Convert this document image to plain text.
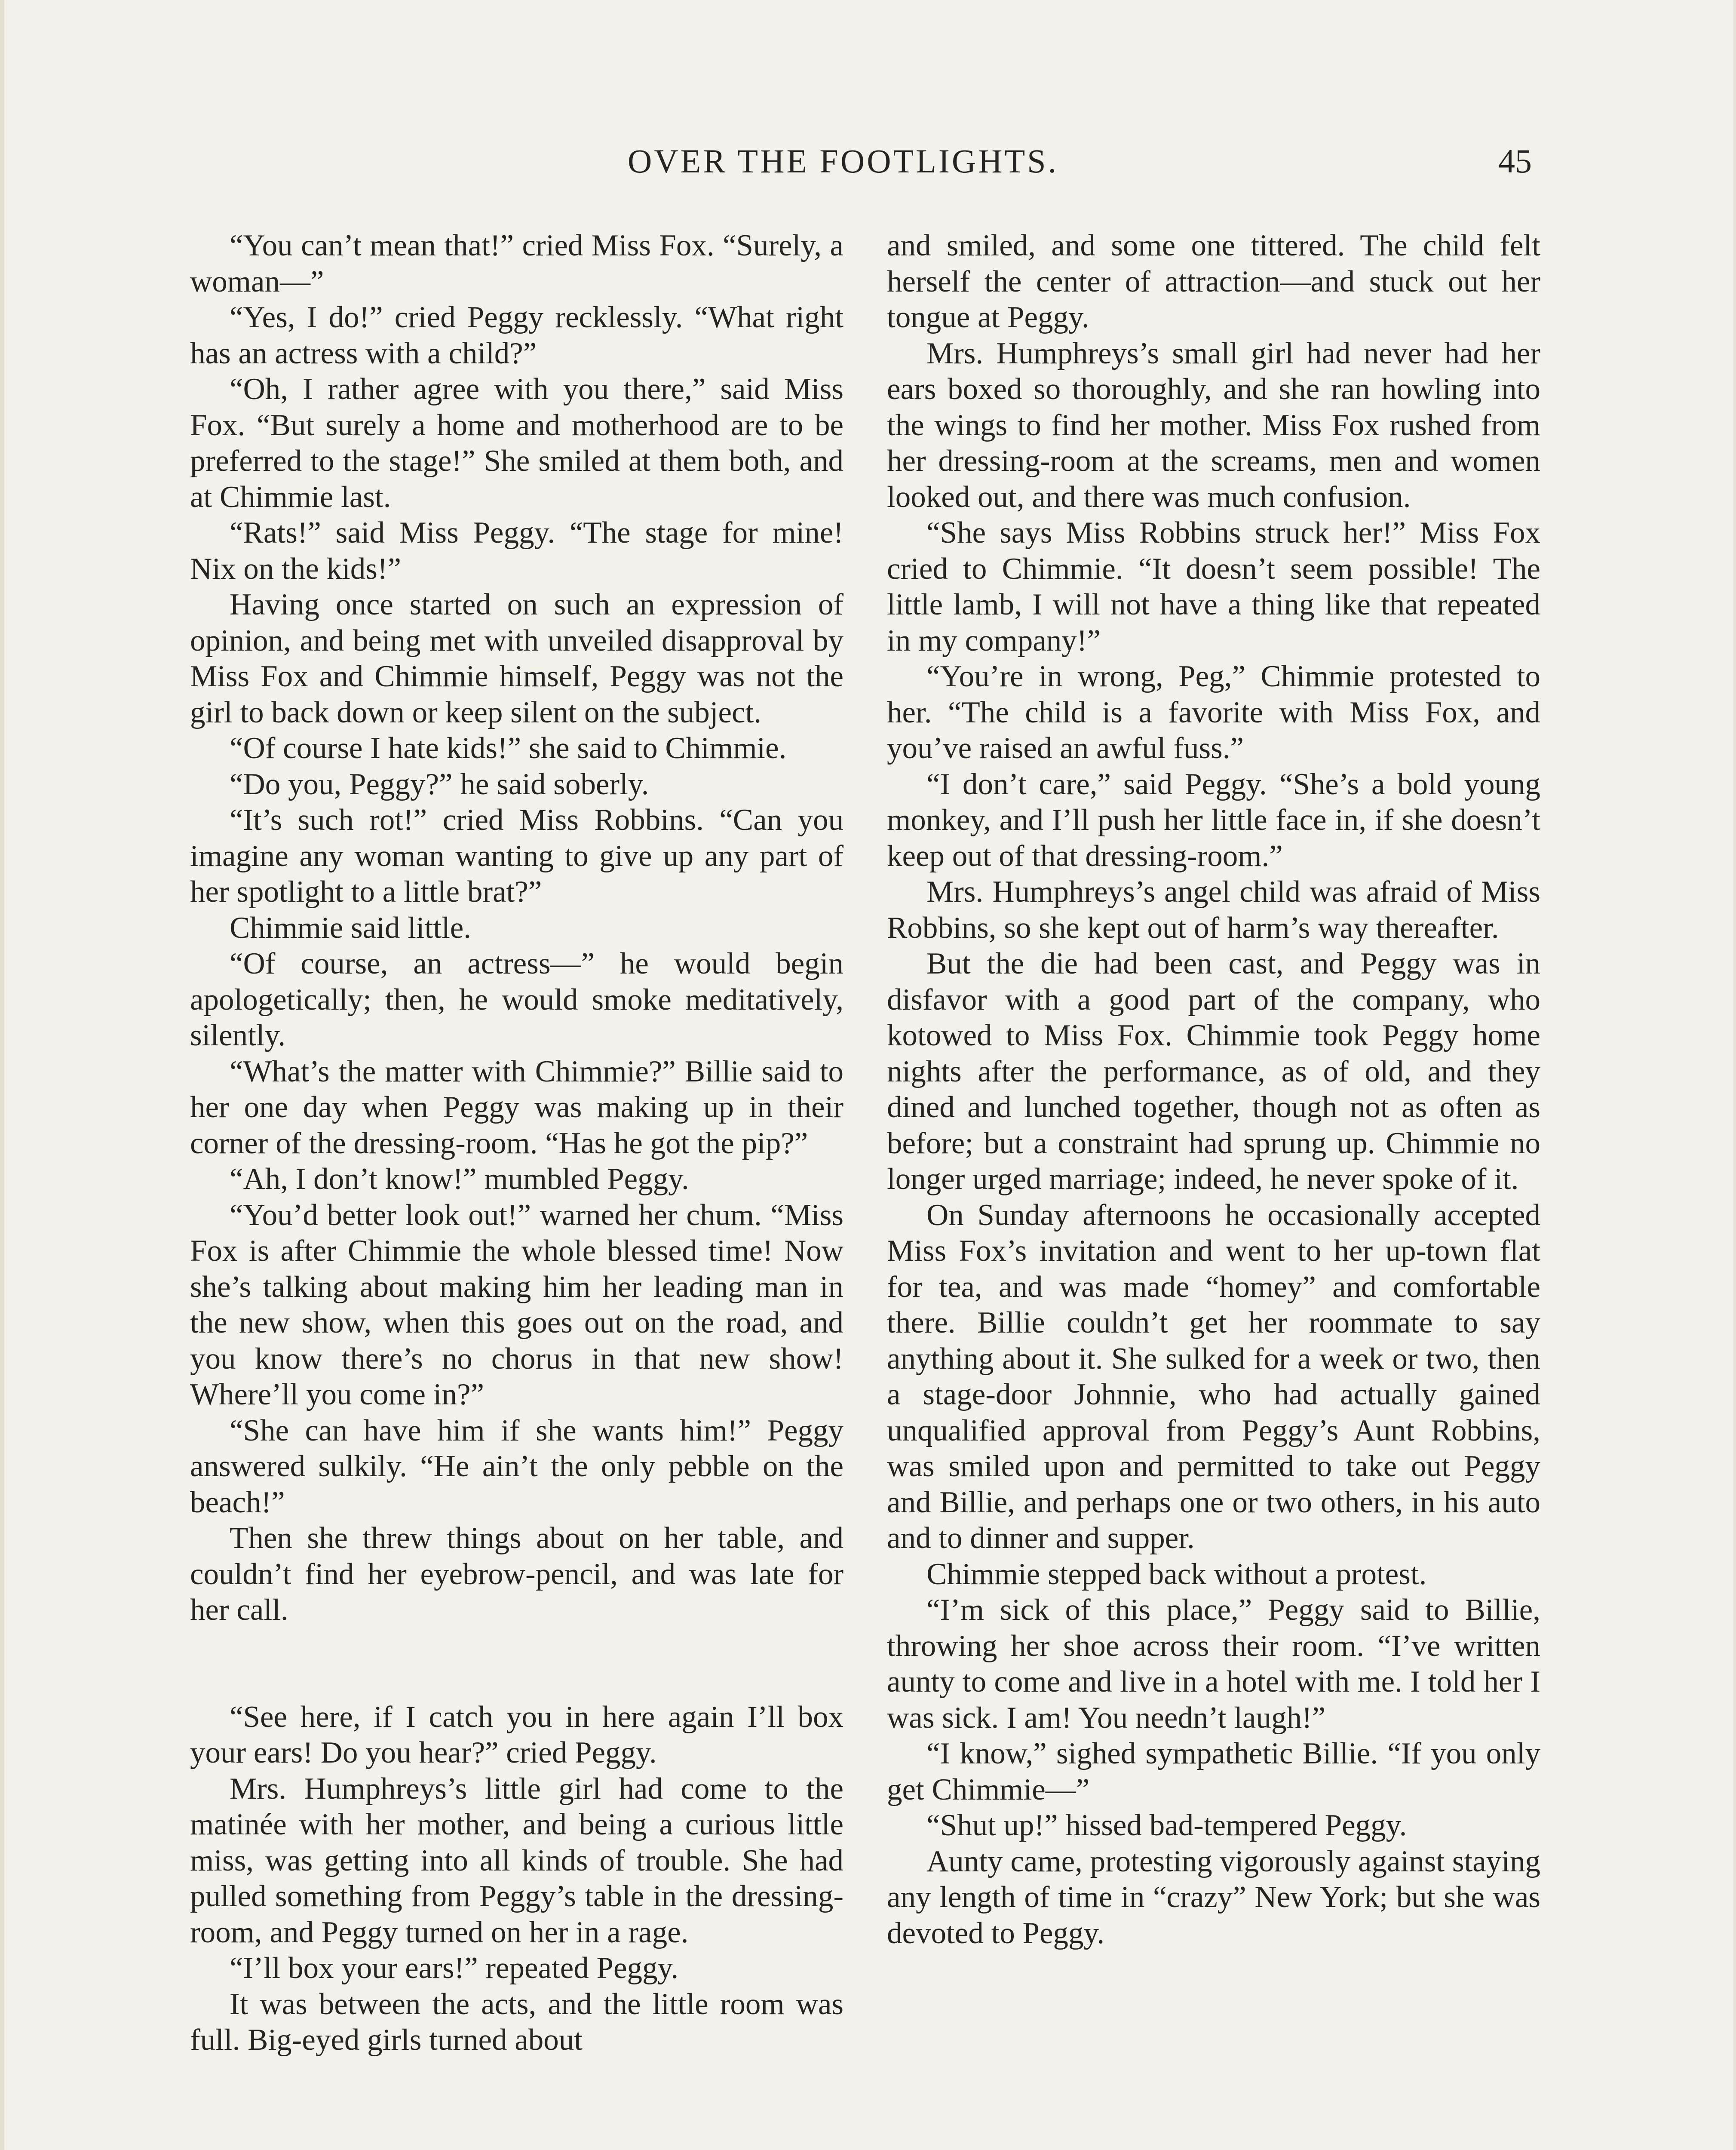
OVER THE FOOTLIGHTS.	45

“You can’t mean that!” cried Miss Fox. “Surely, a woman—”

“Yes, I do!” cried Peggy recklessly. “What right has an actress with a child?”

“Oh, I rather agree with you there,” said Miss Fox. “But surely a home and motherhood are to be preferred to the stage!” She smiled at them both, and at Chimmie last.

“Rats!” said Miss Peggy. “The stage for mine! Nix on the kids!”

Having once started on such an expression of opinion, and being met with unveiled disapproval by Miss Fox and Chimmie himself, Peggy was not the girl to back down or keep silent on the subject.

“Of course I hate kids!” she said to Chimmie.

“Do you, Peggy?” he said soberly.

“It’s such rot!” cried Miss Robbins. “Can you imagine any woman wanting to give up any part of her spotlight to a little brat?”

Chimmie said little.

“Of course, an actress—” he would begin apologetically; then, he would smoke meditatively, silently.

“What’s the matter with Chimmie?” Billie said to her one day when Peggy was making up in their corner of the dressing-room. “Has he got the pip?”

“Ah, I don’t know!” mumbled Peggy.

“You’d better look out!” warned her chum. “Miss Fox is after Chimmie the whole blessed time! Now she’s talking about making him her leading man in the new show, when this goes out on the road, and you know there’s no chorus in that new show! Where’ll you come in?”

“She can have him if she wants him!” Peggy answered sulkily. “He ain’t the only pebble on the beach!”

Then she threw things about on her table, and couldn’t find her eyebrow-pencil, and was late for her call.

“See here, if I catch you in here again I’ll box your ears! Do you hear?” cried Peggy.

Mrs. Humphreys’s little girl had come to the matinée with her mother, and being a curious little miss, was getting into all kinds of trouble. She had pulled something from Peggy’s table in the dressing-room, and Peggy turned on her in a rage.

“I’ll box your ears!” repeated Peggy.

It was between the acts, and the little room was full. Big-eyed girls turned about

and smiled, and some one tittered. The child felt herself the center of attraction—and stuck out her tongue at Peggy.

Mrs. Humphreys’s small girl had never had her ears boxed so thoroughly, and she ran howling into the wings to find her mother. Miss Fox rushed from her dressing-room at the screams, men and women looked out, and there was much confusion.

“She says Miss Robbins struck her!” Miss Fox cried to Chimmie. “It doesn’t seem possible! The little lamb, I will not have a thing like that repeated in my company!”

“You’re in wrong, Peg,” Chimmie protested to her. “The child is a favorite with Miss Fox, and you’ve raised an awful fuss.”

“I don’t care,” said Peggy. “She’s a bold young monkey, and I’ll push her little face in, if she doesn’t keep out of that dressing-room.”

Mrs. Humphreys’s angel child was afraid of Miss Robbins, so she kept out of harm’s way thereafter.

But the die had been cast, and Peggy was in disfavor with a good part of the company, who kotowed to Miss Fox. Chimmie took Peggy home nights after the performance, as of old, and they dined and lunched together, though not as often as before; but a constraint had sprung up. Chimmie no longer urged marriage; indeed, he never spoke of it.

On Sunday afternoons he occasionally accepted Miss Fox’s invitation and went to her up-town flat for tea, and was made “homey” and comfortable there. Billie couldn’t get her roommate to say anything about it. She sulked for a week or two, then a stage-door Johnnie, who had actually gained unqualified approval from Peggy’s Aunt Robbins, was smiled upon and permitted to take out Peggy and Billie, and perhaps one or two others, in his auto and to dinner and supper.

Chimmie stepped back without a protest.

“I’m sick of this place,” Peggy said to Billie, throwing her shoe across their room. “I’ve written aunty to come and live in a hotel with me. I told her I was sick. I am! You needn’t laugh!”

“I know,” sighed sympathetic Billie. “If you only get Chimmie—”

“Shut up!” hissed bad-tempered Peggy.

Aunty came, protesting vigorously against staying any length of time in “crazy” New York; but she was devoted to Peggy.
